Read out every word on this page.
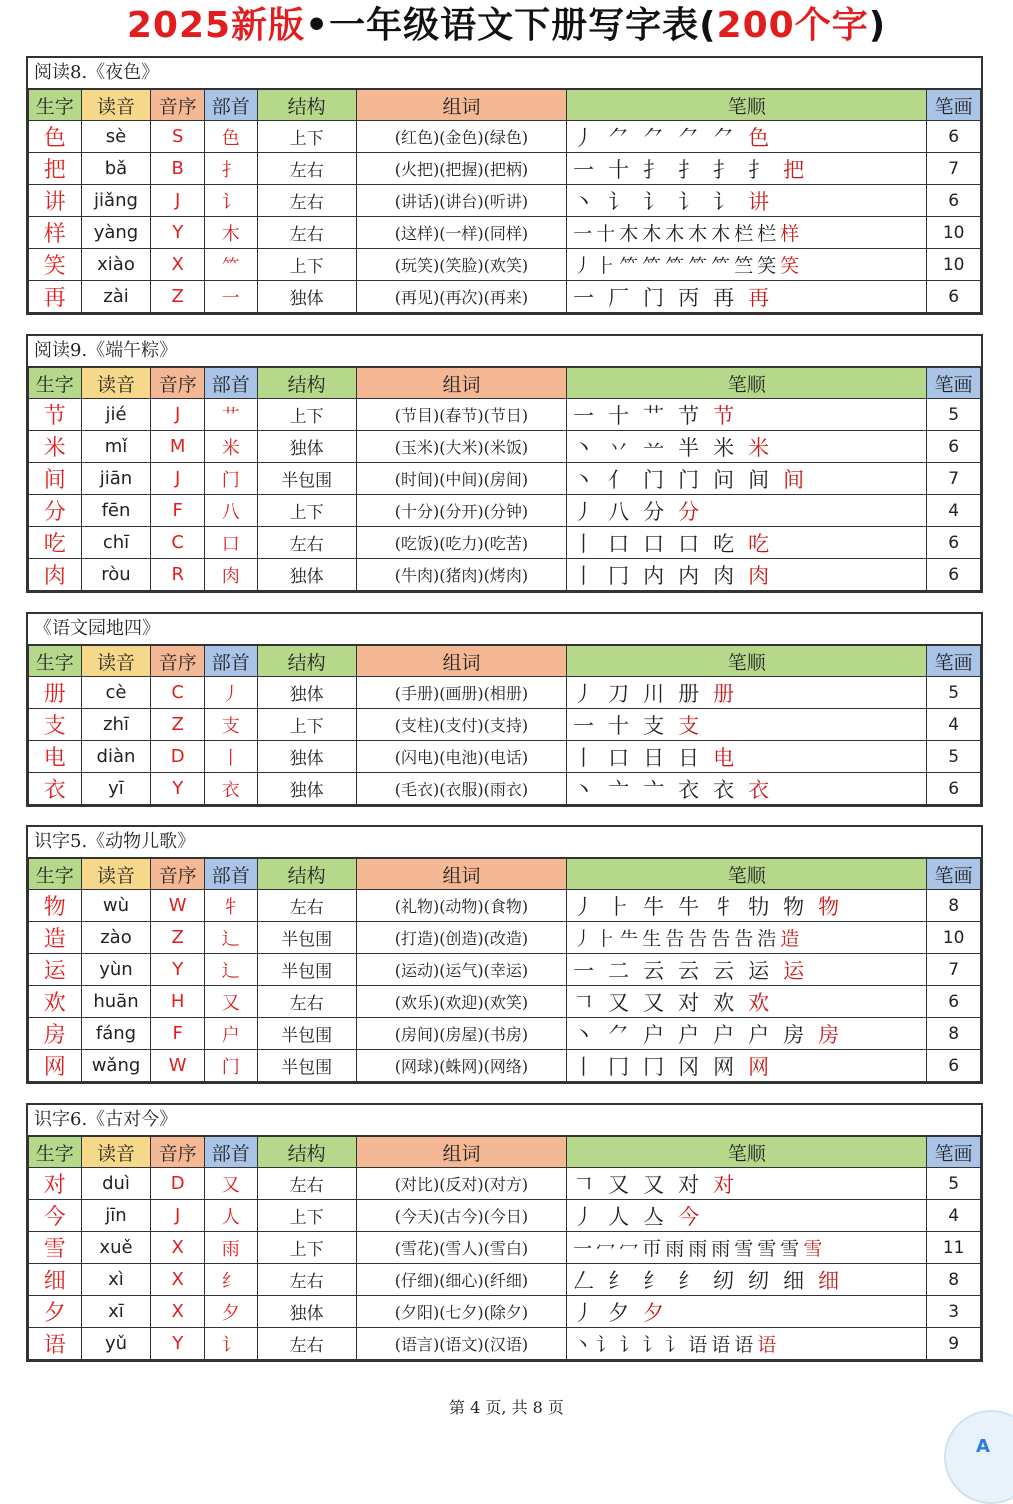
2025新版•一年级语文下册写字表(200个字)
阅读8.《夜色》
生字	读音	音序	部首	结构	组词	笔顺	笔画
色	sè	S	色	上下	(红色)(金色)(绿色)	丿 ⺈ ⺈ ⺈ ⺈ 色	6
把	bǎ	B	扌	左右	(火把)(把握)(把柄)	一 十 扌 扌 扌 扌 把	7
讲	jiǎng	J	讠	左右	(讲话)(讲台)(听讲)	丶 讠 讠 讠 讠 讲	6
样	yàng	Y	木	左右	(这样)(一样)(同样)	一 十 木 木 木 木 木 栏 栏 样	10
笑	xiào	X	⺮	上下	(玩笑)(笑脸)(欢笑)	丿 ⺊ ⺮ ⺮ ⺮ ⺮ ⺮ 竺 笑 笑	10
再	zài	Z	一	独体	(再见)(再次)(再来)	一 厂 门 丙 再 再	6
阅读9.《端午粽》
生字	读音	音序	部首	结构	组词	笔顺	笔画
节	jié	J	艹	上下	(节目)(春节)(节日)	一 十 艹 节 节	5
米	mǐ	M	米	独体	(玉米)(大米)(米饭)	丶 丷 䒑 半 米 米	6
间	jiān	J	门	半包围	(时间)(中间)(房间)	丶 亻 门 门 问 间 间	7
分	fēn	F	八	上下	(十分)(分开)(分钟)	丿 八 分 分	4
吃	chī	C	口	左右	(吃饭)(吃力)(吃苦)	丨 口 口 口 吃 吃	6
肉	ròu	R	肉	独体	(牛肉)(猪肉)(烤肉)	丨 冂 内 内 肉 肉	6
《语文园地四》
生字	读音	音序	部首	结构	组词	笔顺	笔画
册	cè	C	丿	独体	(手册)(画册)(相册)	丿 刀 川 册 册	5
支	zhī	Z	支	上下	(支柱)(支付)(支持)	一 十 支 支	4
电	diàn	D	丨	独体	(闪电)(电池)(电话)	丨 口 日 日 电	5
衣	yī	Y	衣	独体	(毛衣)(衣服)(雨衣)	丶 亠 亠 衣 衣 衣	6
识字5.《动物儿歌》
生字	读音	音序	部首	结构	组词	笔顺	笔画
物	wù	W	牜	左右	(礼物)(动物)(食物)	丿 ⺊ 牛 牛 牜 牞 物 物	8
造	zào	Z	辶	半包围	(打造)(创造)(改造)	丿 ⺊ ⺧ 生 告 告 告 告 浩 造	10
运	yùn	Y	辶	半包围	(运动)(运气)(幸运)	一 二 云 云 云 运 运	7
欢	huān	H	又	左右	(欢乐)(欢迎)(欢笑)	𠃍 又 又 对 欢 欢	6
房	fáng	F	户	半包围	(房间)(房屋)(书房)	丶 ⺈ 户 户 户 户 房 房	8
网	wǎng	W	门	半包围	(网球)(蛛网)(网络)	丨 冂 冂 冈 网 网	6
识字6.《古对今》
生字	读音	音序	部首	结构	组词	笔顺	笔画
对	duì	D	又	左右	(对比)(反对)(对方)	𠃍 又 又 对 对	5
今	jīn	J	人	上下	(今天)(古今)(今日)	丿 人 亼 今	4
雪	xuě	X	雨	上下	(雪花)(雪人)(雪白)	一 冖 冖 帀 雨 雨 雨 雪 雪 雪 雪	11
细	xì	X	纟	左右	(仔细)(细心)(纤细)	𠃋 纟 纟 纟 纫 纫 细 细	8
夕	xī	X	夕	独体	(夕阳)(七夕)(除夕)	丿 夕 夕	3
语	yǔ	Y	讠	左右	(语言)(语文)(汉语)	丶 讠 讠 讠 讠 语 语 语 语	9
第 4 页, 共 8 页
A
